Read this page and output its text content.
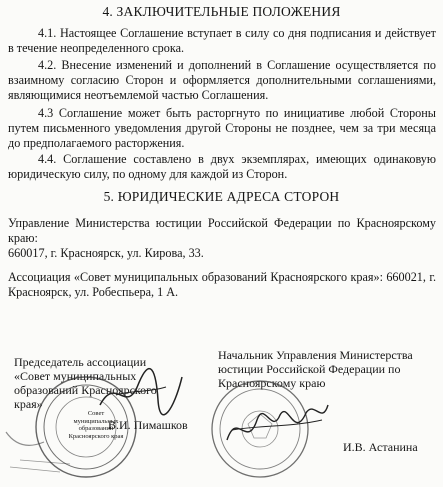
4. ЗАКЛЮЧИТЕЛЬНЫЕ ПОЛОЖЕНИЯ
4.1. Настоящее Соглашение вступает в силу со дня подписания и действует в течение неопределенного срока.
4.2. Внесение изменений и дополнений в Соглашение осуществляется по взаимному согласию Сторон и оформляется дополнительными соглашениями, являющимися неотъемлемой частью Соглашения.
4.3 Соглашение может быть расторгнуто по инициативе любой Стороны путем письменного уведомления другой Стороны не позднее, чем за три месяца до предполагаемого расторжения.
4.4. Соглашение составлено в двух экземплярах, имеющих одинаковую юридическую силу, по одному для каждой из Сторон.
5. ЮРИДИЧЕСКИЕ АДРЕСА СТОРОН
Управление Министерства юстиции Российской Федерации по Красноярскому краю:
660017, г. Красноярск, ул. Кирова, 33.
Ассоциация «Совет муниципальных образований Красноярского края»: 660021, г. Красноярск, ул. Робеспьера, 1 А.
Председатель ассоциации «Совет муниципальных образований Красноярского края»
В.И. Пимашков
Совет муниципальных образований Красноярского края
Начальник Управления Министерства юстиции Российской Федерации по Красноярскому краю
И.В. Астанина
